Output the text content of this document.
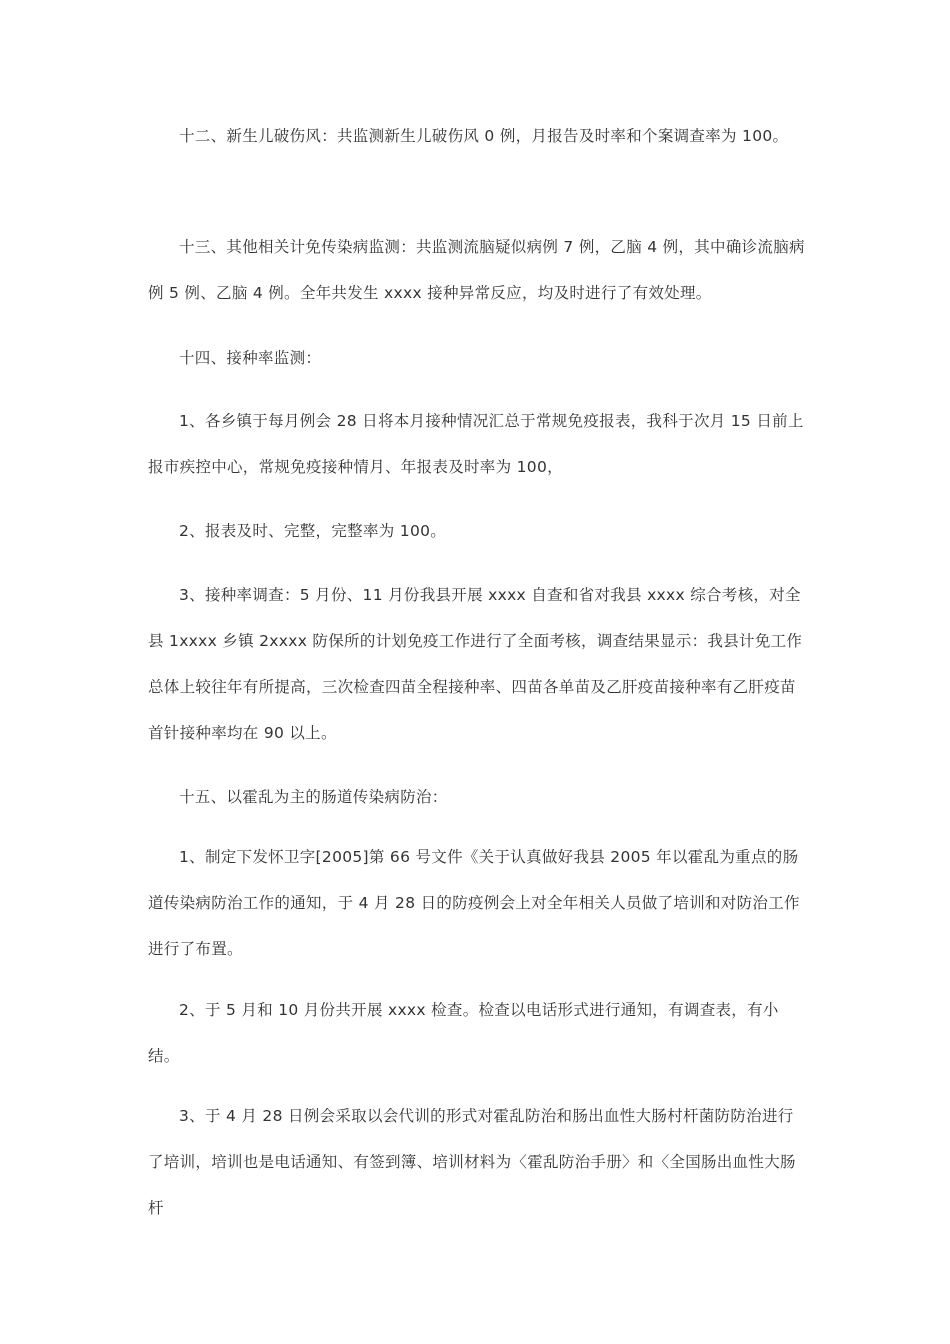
十二、新生儿破伤风：共监测新生儿破伤风 0 例，月报告及时率和个案调查率为 100。

十三、其他相关计免传染病监测：共监测流脑疑似病例 7 例，乙脑 4 例，其中确诊流脑病例 5 例、乙脑 4 例。全年共发生 xxxx 接种异常反应，均及时进行了有效处理。

十四、接种率监测：

1、各乡镇于每月例会 28 日将本月接种情况汇总于常规免疫报表，我科于次月 15 日前上报市疾控中心，常规免疫接种情月、年报表及时率为 100，

2、报表及时、完整，完整率为 100。

3、接种率调查：5 月份、11 月份我县开展 xxxx 自查和省对我县 xxxx 综合考核，对全县 1xxxx 乡镇 2xxxx 防保所的计划免疫工作进行了全面考核，调查结果显示：我县计免工作总体上较往年有所提高，三次检查四苗全程接种率、四苗各单苗及乙肝疫苗接种率有乙肝疫苗首针接种率均在 90 以上。

十五、以霍乱为主的肠道传染病防治：

1、制定下发怀卫字[2005]第 66 号文件《关于认真做好我县 2005 年以霍乱为重点的肠道传染病防治工作的通知，于 4 月 28 日的防疫例会上对全年相关人员做了培训和对防治工作进行了布置。

2、于 5 月和 10 月份共开展 xxxx 检查。检查以电话形式进行通知，有调查表，有小结。

3、于 4 月 28 日例会采取以会代训的形式对霍乱防治和肠出血性大肠村杆菌防防治进行了培训，培训也是电话通知、有签到簿、培训材料为〈霍乱防治手册〉和〈全国肠出血性大肠杆
